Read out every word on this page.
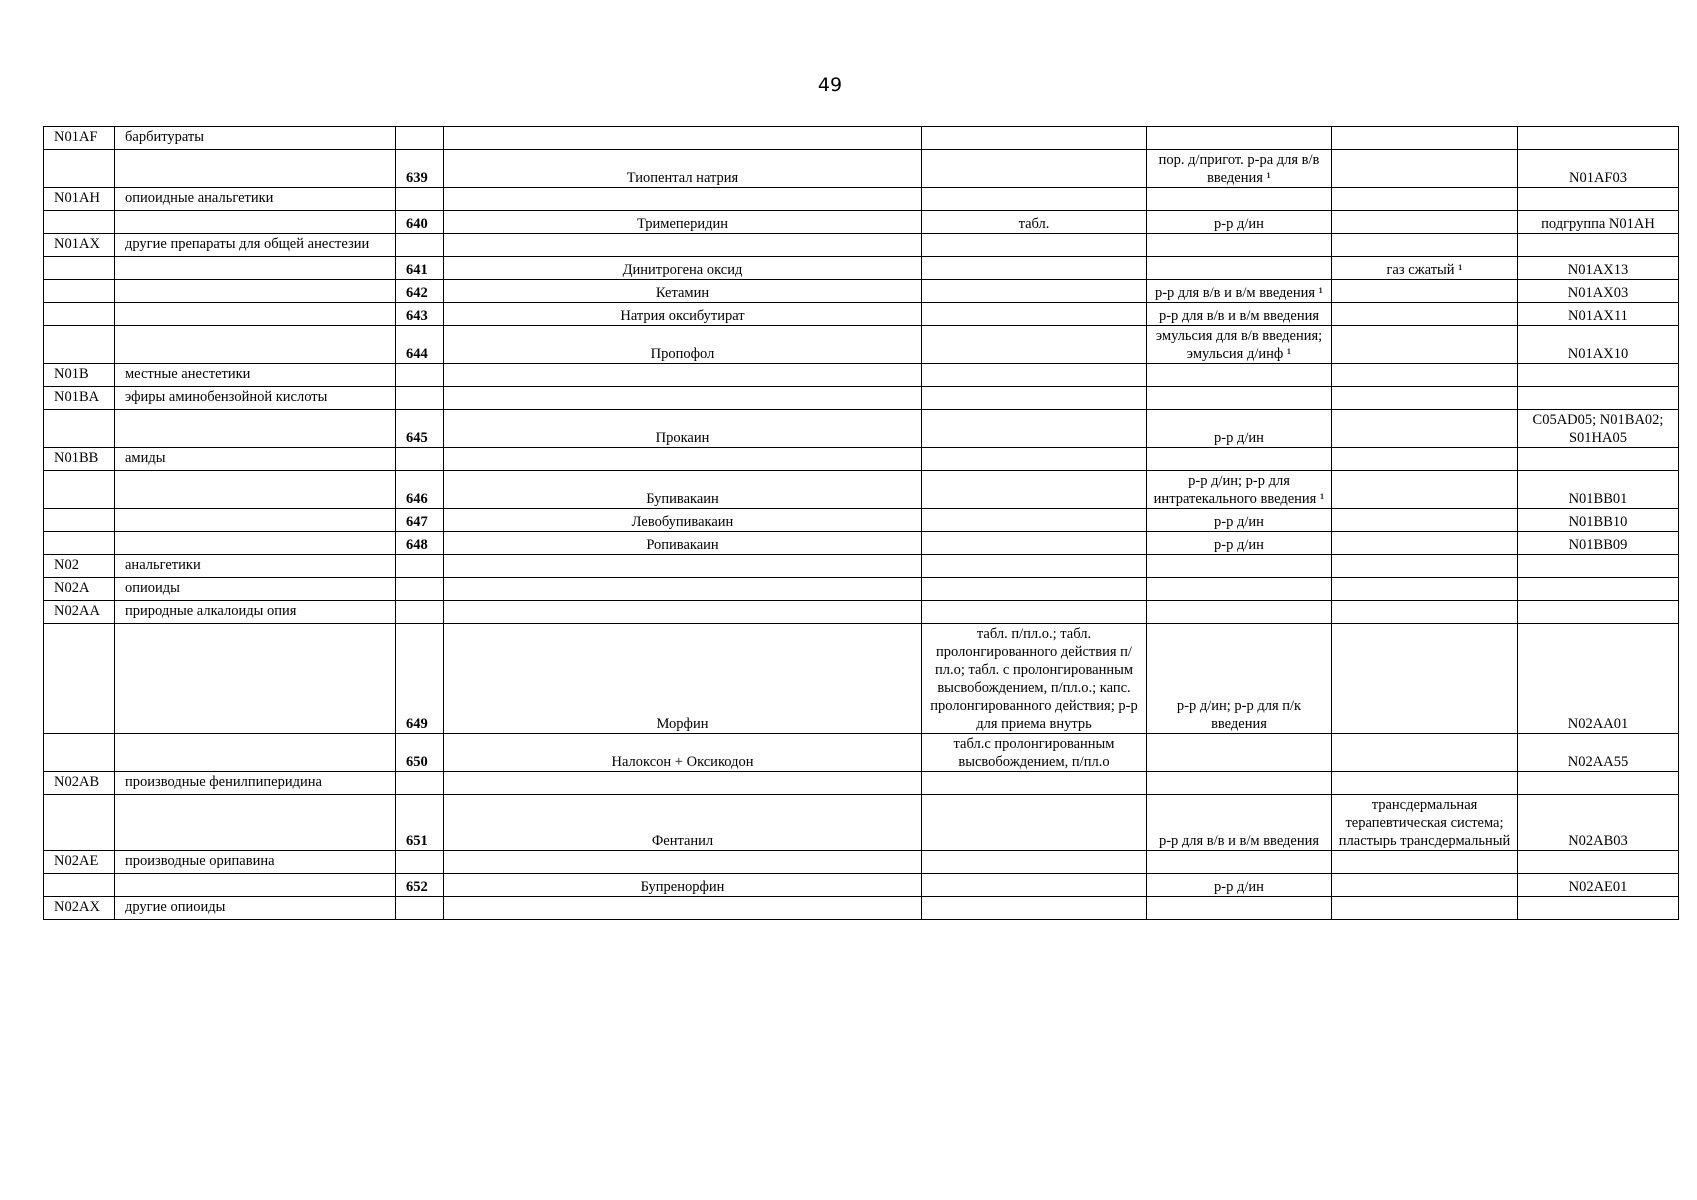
49
N01AF	барбитураты						
		639	Тиопентал натрия		пор. д/пригот. р-ра для в/в введения ¹		N01AF03
N01AH	опиоидные анальгетики						
		640	Тримеперидин	табл.	р-р д/ин		подгруппа N01AH
N01AX	другие препараты для общей анестезии						
		641	Динитрогена оксид			газ сжатый ¹	N01AX13
		642	Кетамин		р-р для в/в и в/м введения ¹		N01AX03
		643	Натрия оксибутират		р-р для в/в и в/м введения		N01AX11
		644	Пропофол		эмульсия для в/в введения; эмульсия д/инф ¹		N01AX10
N01B	местные анестетики						
N01BA	эфиры аминобензойной кислоты						
		645	Прокаин		р-р д/ин		C05AD05; N01BA02; S01HA05
N01BB	амиды						
		646	Бупивакаин		р-р д/ин; р-р для интратекального введения ¹		N01BB01
		647	Левобупивакаин		р-р д/ин		N01BB10
		648	Ропивакаин		р-р д/ин		N01BB09
N02	анальгетики						
N02A	опиоиды						
N02AA	природные алкалоиды опия						
		649	Морфин	табл. п/пл.о.; табл. пролонгированного действия п/пл.о; табл. с пролонгированным высвобождением, п/пл.о.; капс. пролонгированного действия; р-р для приема внутрь	р-р д/ин; р-р для п/к введения		N02AA01
		650	Налоксон + Оксикодон	табл.с пролонгированным высвобождением, п/пл.о			N02AA55
N02AB	производные фенилпиперидина						
		651	Фентанил		р-р для в/в и в/м введения	трансдермальная терапевтическая система; пластырь трансдермальный	N02AB03
N02AE	производные орипавина						
		652	Бупренорфин		р-р д/ин		N02AE01
N02AX	другие опиоиды						
